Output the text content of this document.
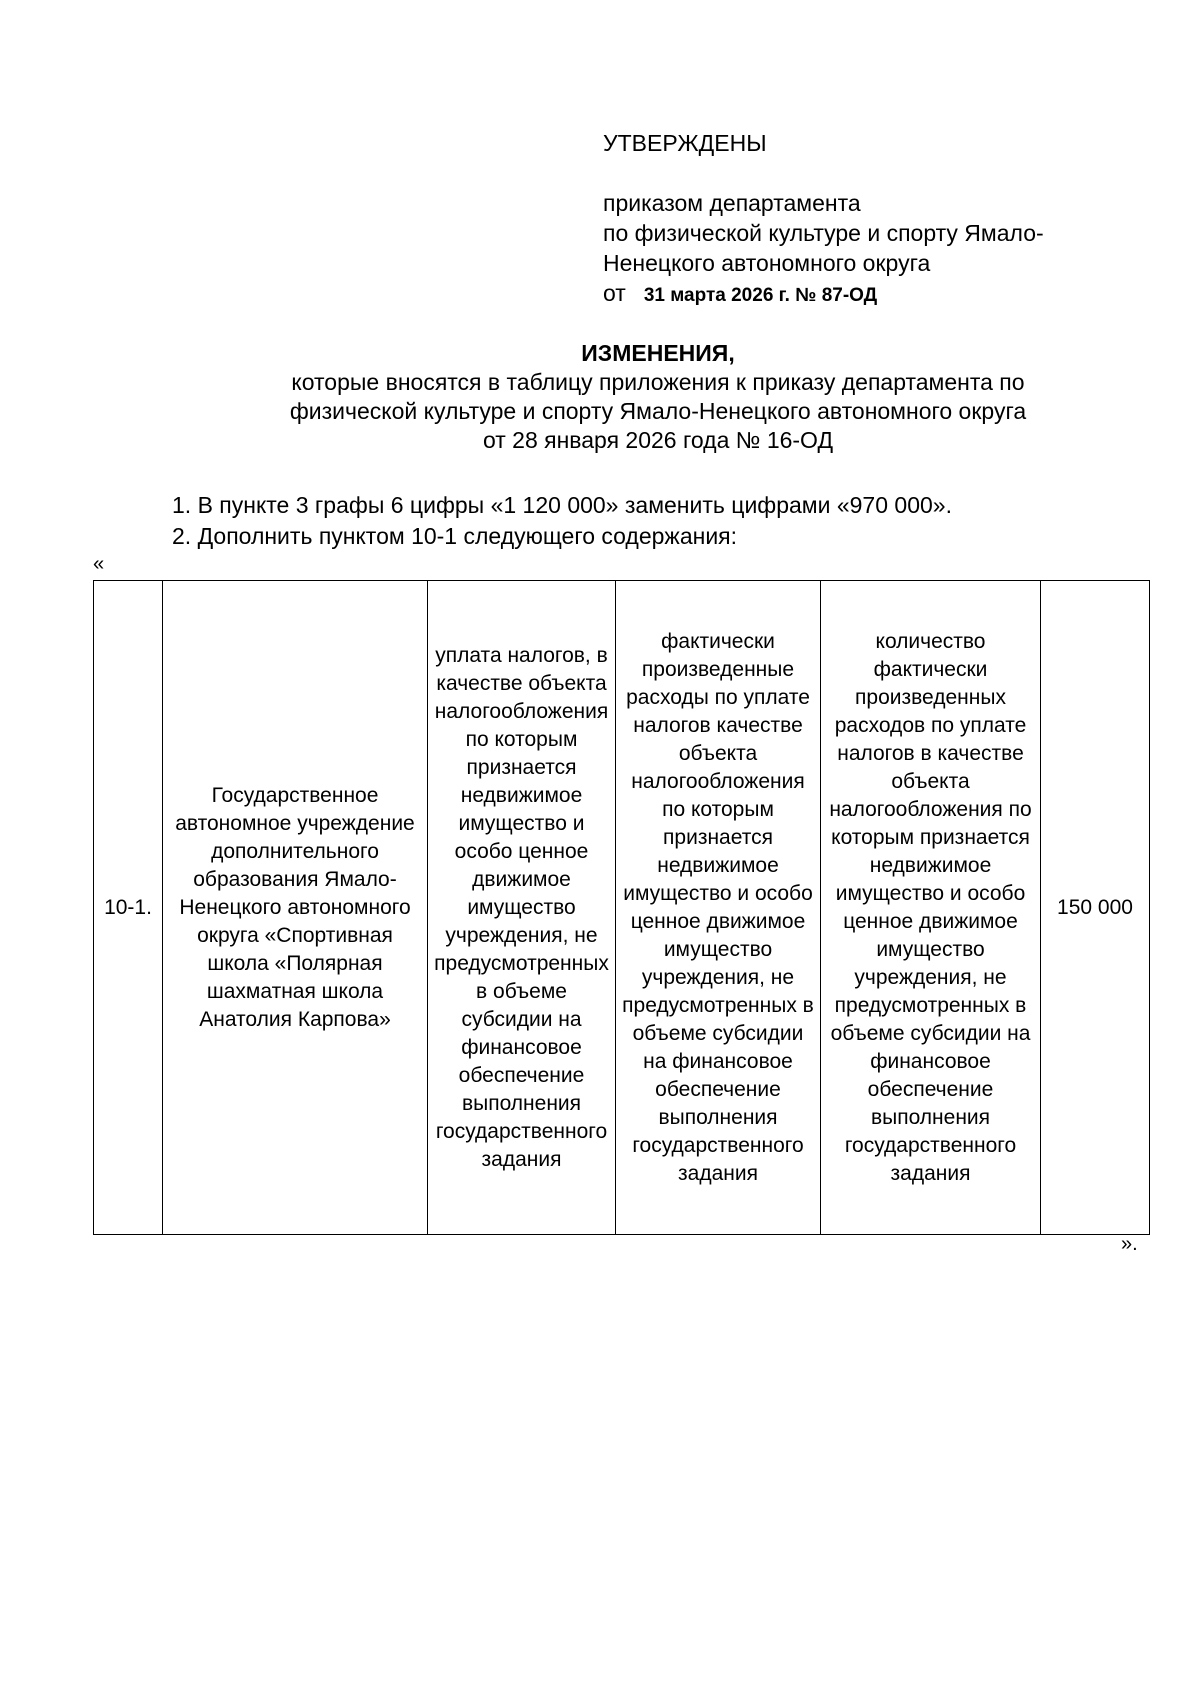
УТВЕРЖДЕНЫ
приказом департамента
по физической культуре и спорту Ямало-
Ненецкого автономного округа
от 31 марта 2026 г. № 87-ОД
ИЗМЕНЕНИЯ,
которые вносятся в таблицу приложения к приказу департамента по
физической культуре и спорту Ямало-Ненецкого автономного округа
от 28 января 2026 года № 16-ОД
1. В пункте 3 графы 6 цифры «1 120 000» заменить цифрами «970 000».
2. Дополнить пунктом 10-1 следующего содержания:
«
10-1.	Государственное автономное учреждение дополнительного образования Ямало-Ненецкого автономного округа «Спортивная школа «Полярная шахматная школа Анатолия Карпова»	уплата налогов, в качестве объекта налогообложения по которым признается недвижимое имущество и особо ценное движимое имущество учреждения, не предусмотренных в объеме субсидии на финансовое обеспечение выполнения государственного задания	фактически произведенные расходы по уплате налогов качестве объекта налогообложения по которым признается недвижимое имущество и особо ценное движимое имущество учреждения, не предусмотренных в объеме субсидии на финансовое обеспечение выполнения государственного задания	количество фактически произведенных расходов по уплате налогов в качестве объекта налогообложения по которым признается недвижимое имущество и особо ценное движимое имущество учреждения, не предусмотренных в объеме субсидии на финансовое обеспечение выполнения государственного задания	150 000
».
